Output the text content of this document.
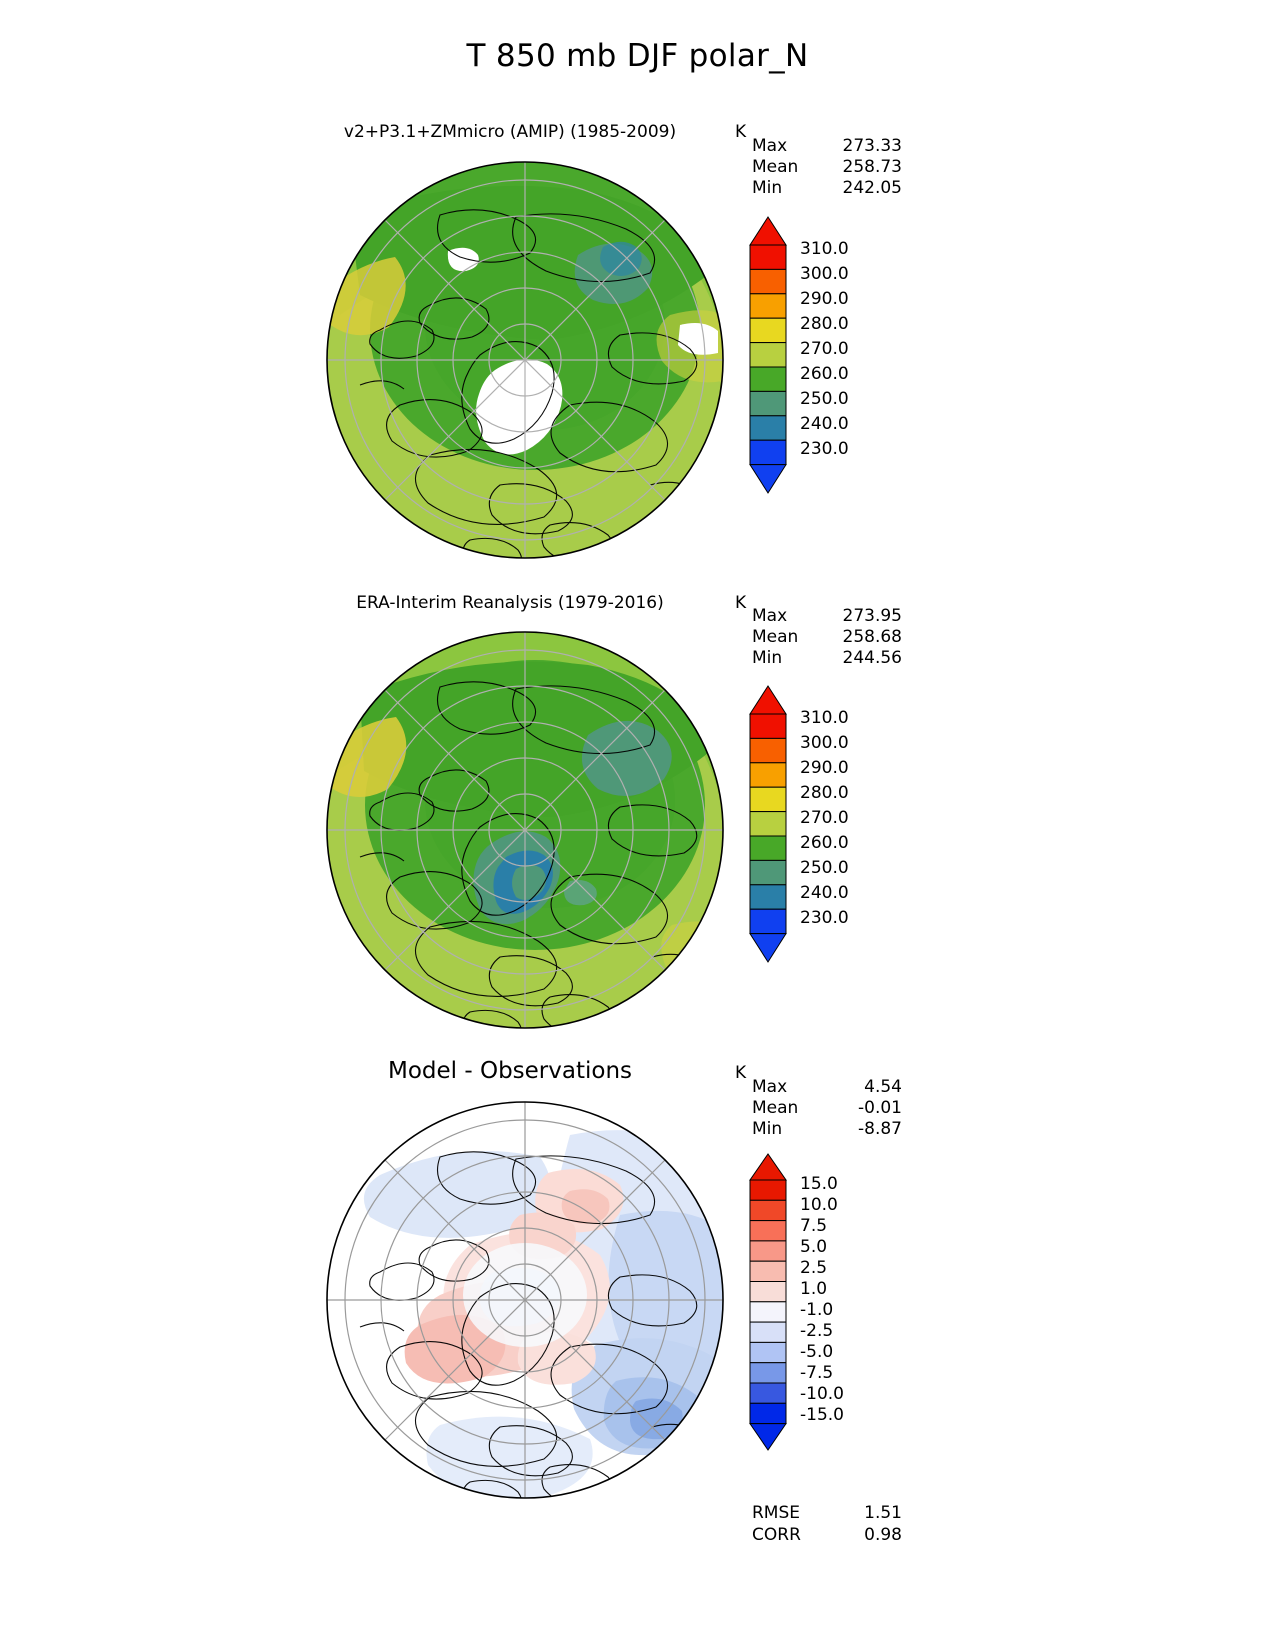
T 850 mb DJF polar_N
v2+P3.1+ZMmicro (AMIP) (1985-2009)	K
Max	273.33
Mean	258.73
Min	242.05
310.0
300.0
290.0
280.0
270.0
260.0
250.0
240.0
230.0
ERA-Interim Reanalysis (1979-2016)	K
Max	273.95
Mean	258.68
Min	244.56
310.0
300.0
290.0
280.0
270.0
260.0
250.0
240.0
230.0
Model - Observations	K
Max	4.54
Mean	-0.01
Min	-8.87
15.0
10.0
7.5
5.0
2.5
1.0
-1.0
-2.5
-5.0
-7.5
-10.0
-15.0
RMSE	1.51
CORR	0.98
